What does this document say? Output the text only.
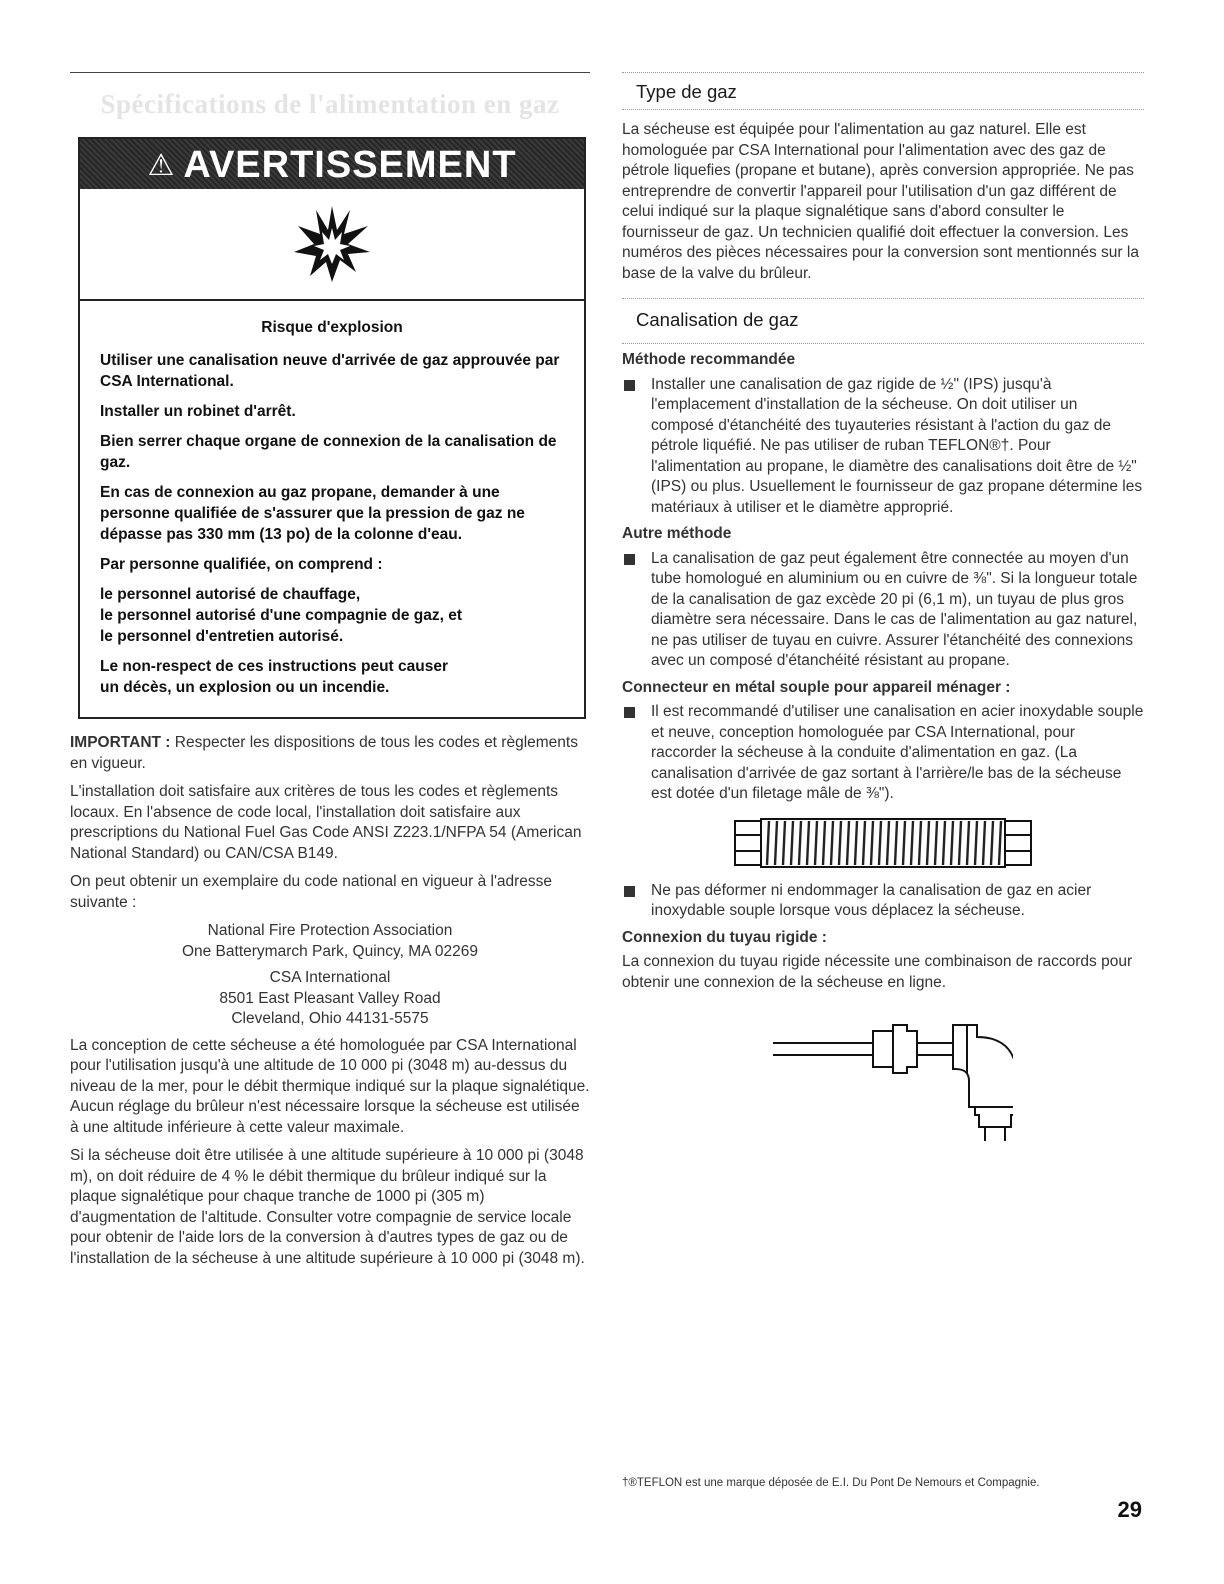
Spécifications de l'alimentation en gaz
⚠ AVERTISSEMENT
Risque d'explosion

Utiliser une canalisation neuve d'arrivée de gaz approuvée par CSA International.

Installer un robinet d'arrêt.

Bien serrer chaque organe de connexion de la canalisation de gaz.

En cas de connexion au gaz propane, demander à une personne qualifiée de s'assurer que la pression de gaz ne dépasse pas 330 mm (13 po) de la colonne d'eau.

Par personne qualifiée, on comprend :

le personnel autorisé de chauffage,
le personnel autorisé d'une compagnie de gaz, et
le personnel d'entretien autorisé.

Le non-respect de ces instructions peut causer
un décès, un explosion ou un incendie.

IMPORTANT : Respecter les dispositions de tous les codes et règlements en vigueur.

L'installation doit satisfaire aux critères de tous les codes et règlements locaux. En l'absence de code local, l'installation doit satisfaire aux prescriptions du National Fuel Gas Code ANSI Z223.1/NFPA 54 (American National Standard) ou CAN/CSA B149.

On peut obtenir un exemplaire du code national en vigueur à l'adresse suivante :

National Fire Protection Association
One Batterymarch Park, Quincy, MA 02269
CSA International
8501 East Pleasant Valley Road
Cleveland, Ohio 44131-5575

La conception de cette sécheuse a été homologuée par CSA International pour l'utilisation jusqu'à une altitude de 10 000 pi (3048 m) au-dessus du niveau de la mer, pour le débit thermique indiqué sur la plaque signalétique. Aucun réglage du brûleur n'est nécessaire lorsque la sécheuse est utilisée à une altitude inférieure à cette valeur maximale.

Si la sécheuse doit être utilisée à une altitude supérieure à 10 000 pi (3048 m), on doit réduire de 4 % le débit thermique du brûleur indiqué sur la plaque signalétique pour chaque tranche de 1000 pi (305 m) d'augmentation de l'altitude. Consulter votre compagnie de service locale pour obtenir de l'aide lors de la conversion à d'autres types de gaz ou de l'installation de la sécheuse à une altitude supérieure à 10 000 pi (3048 m).

Type de gaz

La sécheuse est équipée pour l'alimentation au gaz naturel. Elle est homologuée par CSA International pour l'alimentation avec des gaz de pétrole liquefies (propane et butane), après conversion appropriée. Ne pas entreprendre de convertir l'appareil pour l'utilisation d'un gaz différent de celui indiqué sur la plaque signalétique sans d'abord consulter le fournisseur de gaz. Un technicien qualifié doit effectuer la conversion. Les numéros des pièces nécessaires pour la conversion sont mentionnés sur la base de la valve du brûleur.

Canalisation de gaz
Méthode recommandée
Installer une canalisation de gaz rigide de ½" (IPS) jusqu'à l'emplacement d'installation de la sécheuse. On doit utiliser un composé d'étanchéité des tuyauteries résistant à l'action du gaz de pétrole liquéfié. Ne pas utiliser de ruban TEFLON®†. Pour l'alimentation au propane, le diamètre des canalisations doit être de ½" (IPS) ou plus. Usuellement le fournisseur de gaz propane détermine les matériaux à utiliser et le diamètre approprié.
Autre méthode
La canalisation de gaz peut également être connectée au moyen d'un tube homologué en aluminium ou en cuivre de ⅜". Si la longueur totale de la canalisation de gaz excède 20 pi (6,1 m), un tuyau de plus gros diamètre sera nécessaire. Dans le cas de l'alimentation au gaz naturel, ne pas utiliser de tuyau en cuivre. Assurer l'étanchéité des connexions avec un composé d'étanchéité résistant au propane.
Connecteur en métal souple pour appareil ménager :
Il est recommandé d'utiliser une canalisation en acier inoxydable souple et neuve, conception homologuée par CSA International, pour raccorder la sécheuse à la conduite d'alimentation en gaz. (La canalisation d'arrivée de gaz sortant à l'arrière/le bas de la sécheuse est dotée d'un filetage mâle de ⅜").
Ne pas déformer ni endommager la canalisation de gaz en acier inoxydable souple lorsque vous déplacez la sécheuse.
Connexion du tuyau rigide :

La connexion du tuyau rigide nécessite une combinaison de raccords pour obtenir une connexion de la sécheuse en ligne.

†®TEFLON est une marque déposée de E.I. Du Pont De Nemours et Compagnie.
29
